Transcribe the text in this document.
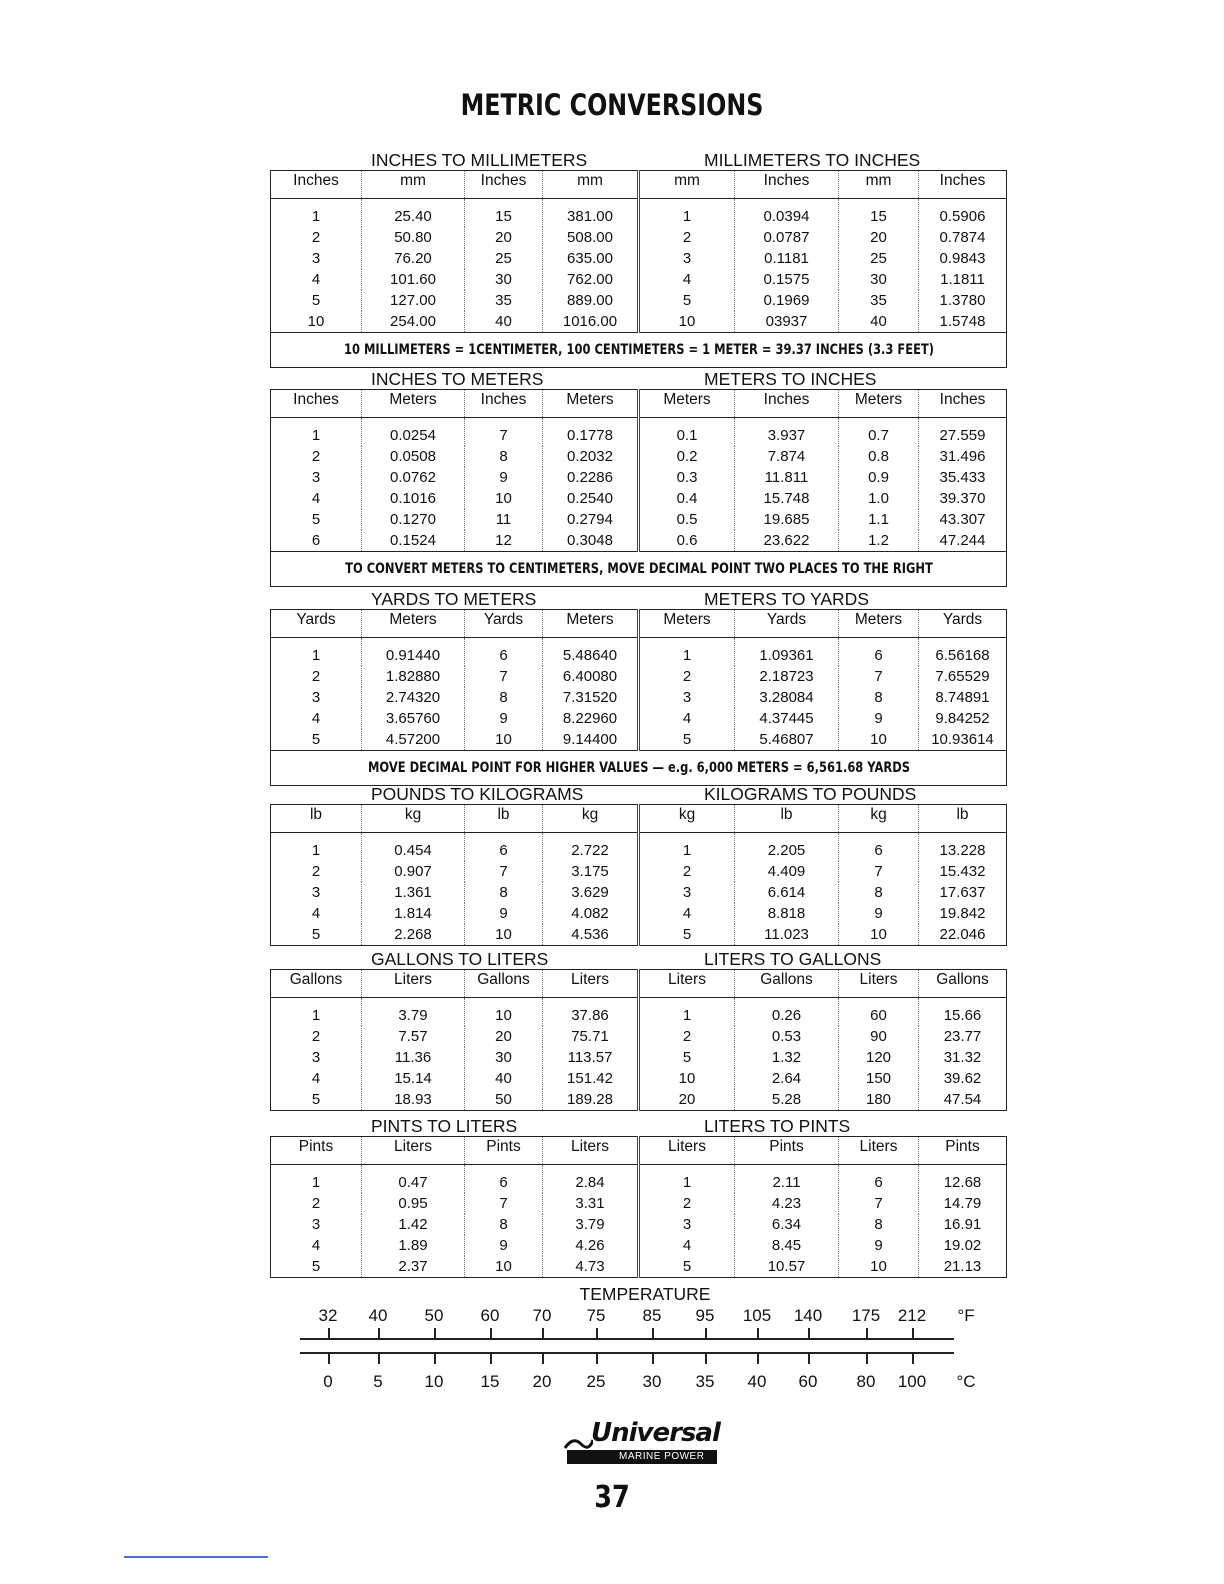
METRIC CONVERSIONS
INCHES TO MILLIMETERS	MILLIMETERS TO INCHES
Inches	mm	Inches	mm	mm	Inches	mm	Inches
1	25.40	15	381.00	1	0.0394	15	0.5906
2	50.80	20	508.00	2	0.0787	20	0.7874
3	76.20	25	635.00	3	0.1181	25	0.9843
4	101.60	30	762.00	4	0.1575	30	1.1811
5	127.00	35	889.00	5	0.1969	35	1.3780
10	254.00	40	1016.00	10	03937	40	1.5748
10 MILLIMETERS = 1CENTIMETER, 100 CENTIMETERS = 1 METER = 39.37 INCHES (3.3 FEET)							
INCHES TO METERS	METERS TO INCHES
Inches	Meters	Inches	Meters	Meters	Inches	Meters	Inches
1	0.0254	7	0.1778	0.1	3.937	0.7	27.559
2	0.0508	8	0.2032	0.2	7.874	0.8	31.496
3	0.0762	9	0.2286	0.3	11.811	0.9	35.433
4	0.1016	10	0.2540	0.4	15.748	1.0	39.370
5	0.1270	11	0.2794	0.5	19.685	1.1	43.307
6	0.1524	12	0.3048	0.6	23.622	1.2	47.244
TO CONVERT METERS TO CENTIMETERS, MOVE DECIMAL POINT TWO PLACES TO THE RIGHT							
YARDS TO METERS	METERS TO YARDS
Yards	Meters	Yards	Meters	Meters	Yards	Meters	Yards
1	0.91440	6	5.48640	1	1.09361	6	6.56168
2	1.82880	7	6.40080	2	2.18723	7	7.65529
3	2.74320	8	7.31520	3	3.28084	8	8.74891
4	3.65760	9	8.22960	4	4.37445	9	9.84252
5	4.57200	10	9.14400	5	5.46807	10	10.93614
MOVE DECIMAL POINT FOR HIGHER VALUES — e.g. 6,000 METERS = 6,561.68 YARDS							
POUNDS TO KILOGRAMS	KILOGRAMS TO POUNDS
lb	kg	lb	kg	kg	lb	kg	lb
1	0.454	6	2.722	1	2.205	6	13.228
2	0.907	7	3.175	2	4.409	7	15.432
3	1.361	8	3.629	3	6.614	8	17.637
4	1.814	9	4.082	4	8.818	9	19.842
5	2.268	10	4.536	5	11.023	10	22.046
GALLONS TO LITERS	LITERS TO GALLONS
Gallons	Liters	Gallons	Liters	Liters	Gallons	Liters	Gallons
1	3.79	10	37.86	1	0.26	60	15.66
2	7.57	20	75.71	2	0.53	90	23.77
3	11.36	30	113.57	5	1.32	120	31.32
4	15.14	40	151.42	10	2.64	150	39.62
5	18.93	50	189.28	20	5.28	180	47.54
PINTS TO LITERS	LITERS TO PINTS
Pints	Liters	Pints	Liters	Liters	Pints	Liters	Pints
1	0.47	6	2.84	1	2.11	6	12.68
2	0.95	7	3.31	2	4.23	7	14.79
3	1.42	8	3.79	3	6.34	8	16.91
4	1.89	9	4.26	4	8.45	9	19.02
5	2.37	10	4.73	5	10.57	10	21.13
TEMPERATURE
32 40 50 60 70 75 85 95 105 140 175 212
0 5 10 15 20 25 30 35 40 60 80 100
°F
°C
Universal
MARINE POWER
37
